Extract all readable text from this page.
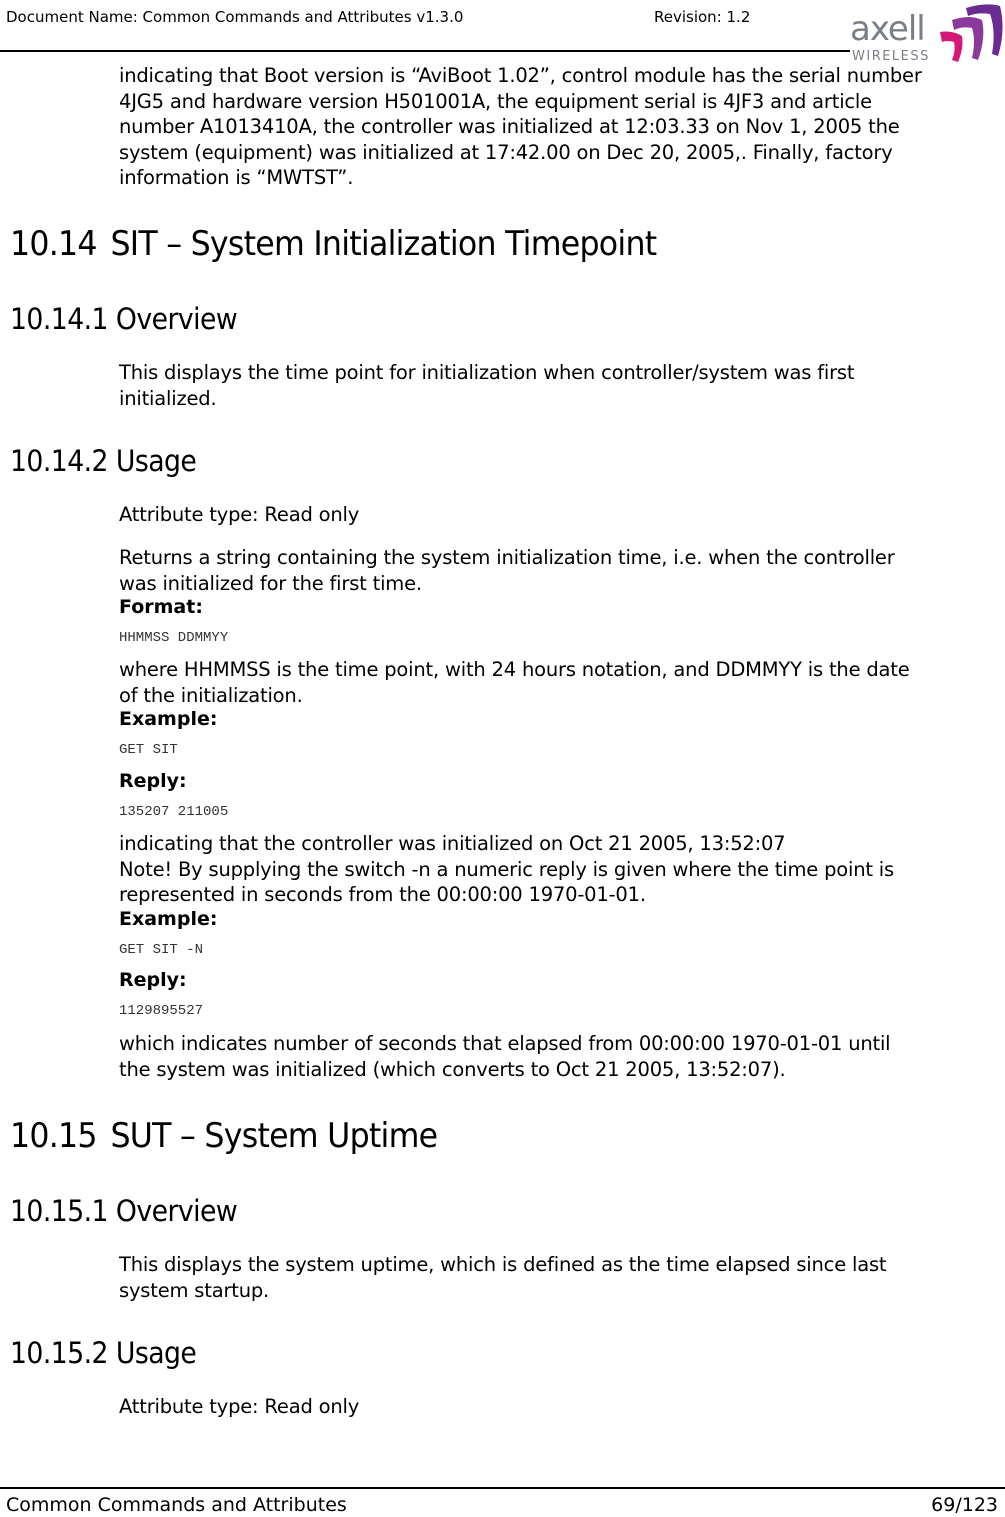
Document Name: Common Commands and Attributes v1.3.0	Revision: 1.2	axell
WIRELESS
indicating that Boot version is “AviBoot 1.02”, control module has the serial number
4JG5 and hardware version H501001A, the equipment serial is 4JF3 and article
number A1013410A, the controller was initialized at 12:03.33 on Nov 1, 2005 the
system (equipment) was initialized at 17:42.00 on Dec 20, 2005,. Finally, factory
information is “MWTST”.
10.14 SIT – System Initialization Timepoint
10.14.1 Overview
This displays the time point for initialization when controller/system was first
initialized.
10.14.2 Usage
Attribute type: Read only
Returns a string containing the system initialization time, i.e. when the controller
was initialized for the first time.
Format:
HHMMSS DDMMYY
where HHMMSS is the time point, with 24 hours notation, and DDMMYY is the date
of the initialization.
Example:
GET SIT
Reply:
135207 211005
indicating that the controller was initialized on Oct 21 2005, 13:52:07
Note! By supplying the switch -n a numeric reply is given where the time point is
represented in seconds from the 00:00:00 1970-01-01.
Example:
GET SIT -N
Reply:
1129895527
which indicates number of seconds that elapsed from 00:00:00 1970-01-01 until
the system was initialized (which converts to Oct 21 2005, 13:52:07).
10.15 SUT – System Uptime
10.15.1 Overview
This displays the system uptime, which is defined as the time elapsed since last
system startup.
10.15.2 Usage
Attribute type: Read only
Common Commands and Attributes	69/123
